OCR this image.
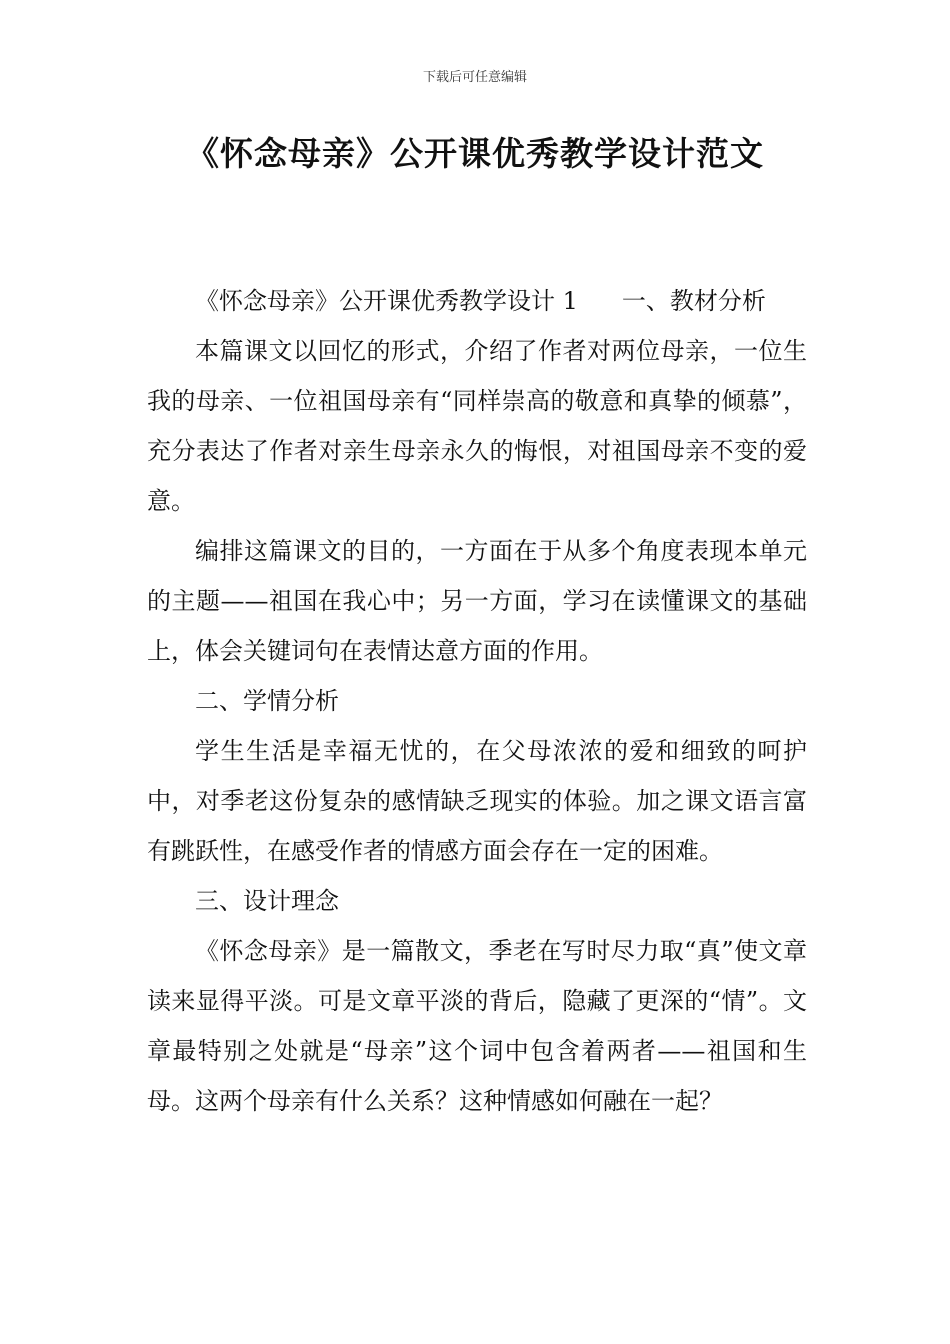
下载后可任意编辑
《怀念母亲》公开课优秀教学设计范文
《怀念母亲》公开课优秀教学设计 1 一、教材分析

本篇课文以回忆的形式，介绍了作者对两位母亲，一位生我的母亲、一位祖国母亲有“同样崇高的敬意和真挚的倾慕”，充分表达了作者对亲生母亲永久的悔恨，对祖国母亲不变的爱意。

编排这篇课文的目的，一方面在于从多个角度表现本单元的主题——祖国在我心中；另一方面，学习在读懂课文的基础上，体会关键词句在表情达意方面的作用。

二、学情分析

学生生活是幸福无忧的，在父母浓浓的爱和细致的呵护中，对季老这份复杂的感情缺乏现实的体验。加之课文语言富有跳跃性，在感受作者的情感方面会存在一定的困难。

三、设计理念

《怀念母亲》是一篇散文，季老在写时尽力取“真”使文章读来显得平淡。可是文章平淡的背后，隐藏了更深的“情”。文章最特别之处就是“母亲”这个词中包含着两者——祖国和生母。这两个母亲有什么关系？这种情感如何融在一起？
